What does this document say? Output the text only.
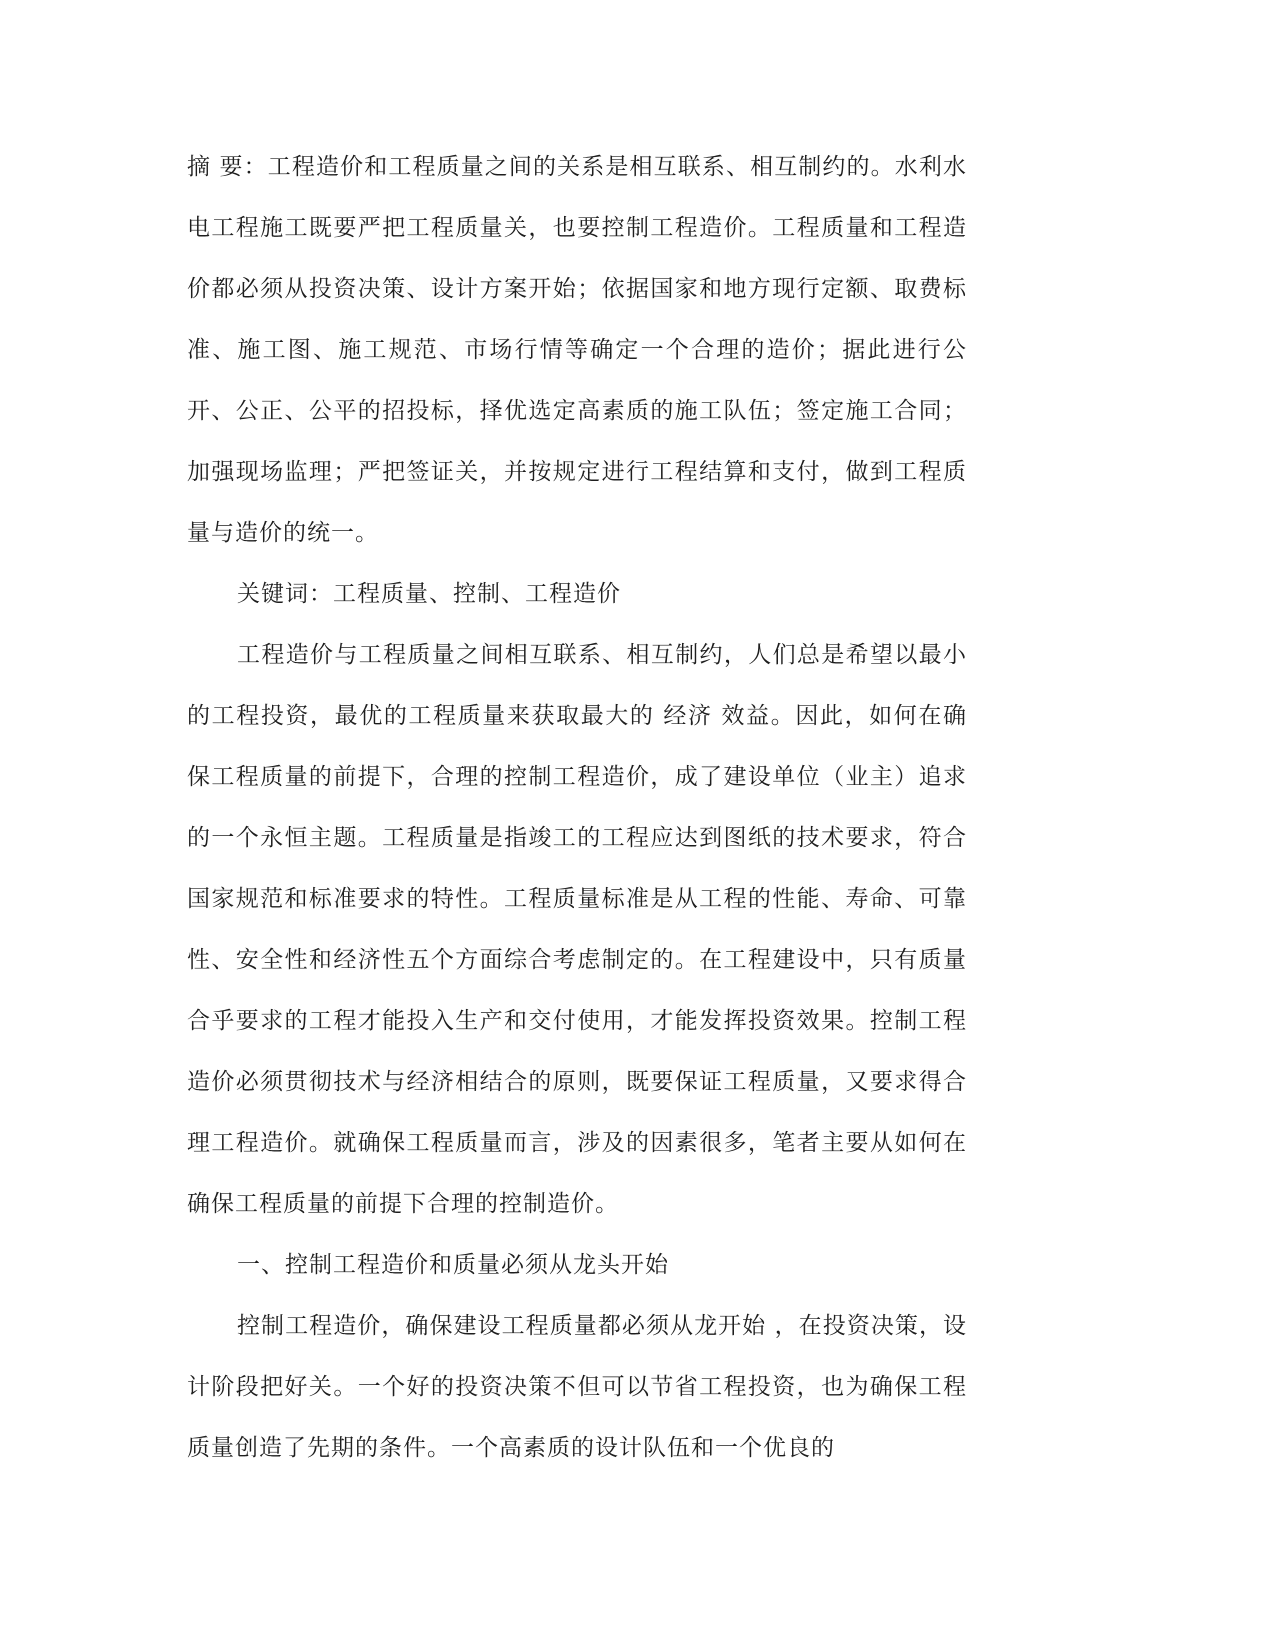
摘 要：工程造价和工程质量之间的关系是相互联系、相互制约的。水利水电工程施工既要严把工程质量关，也要控制工程造价。工程质量和工程造价都必须从投资决策、设计方案开始；依据国家和地方现行定额、取费标准、施工图、施工规范、市场行情等确定一个合理的造价；据此进行公开、公正、公平的招投标，择优选定高素质的施工队伍；签定施工合同；加强现场监理；严把签证关，并按规定进行工程结算和支付，做到工程质量与造价的统一。

关键词：工程质量、控制、工程造价

工程造价与工程质量之间相互联系、相互制约，人们总是希望以最小的工程投资，最优的工程质量来获取最大的 经济 效益。因此，如何在确保工程质量的前提下，合理的控制工程造价，成了建设单位（业主）追求的一个永恒主题。工程质量是指竣工的工程应达到图纸的技术要求，符合国家规范和标准要求的特性。工程质量标准是从工程的性能、寿命、可靠性、安全性和经济性五个方面综合考虑制定的。在工程建设中，只有质量合乎要求的工程才能投入生产和交付使用，才能发挥投资效果。控制工程造价必须贯彻技术与经济相结合的原则，既要保证工程质量，又要求得合理工程造价。就确保工程质量而言，涉及的因素很多，笔者主要从如何在确保工程质量的前提下合理的控制造价。

一、控制工程造价和质量必须从龙头开始

控制工程造价，确保建设工程质量都必须从龙开始 ，在投资决策，设计阶段把好关。一个好的投资决策不但可以节省工程投资，也为确保工程质量创造了先期的条件。一个高素质的设计队伍和一个优良的
